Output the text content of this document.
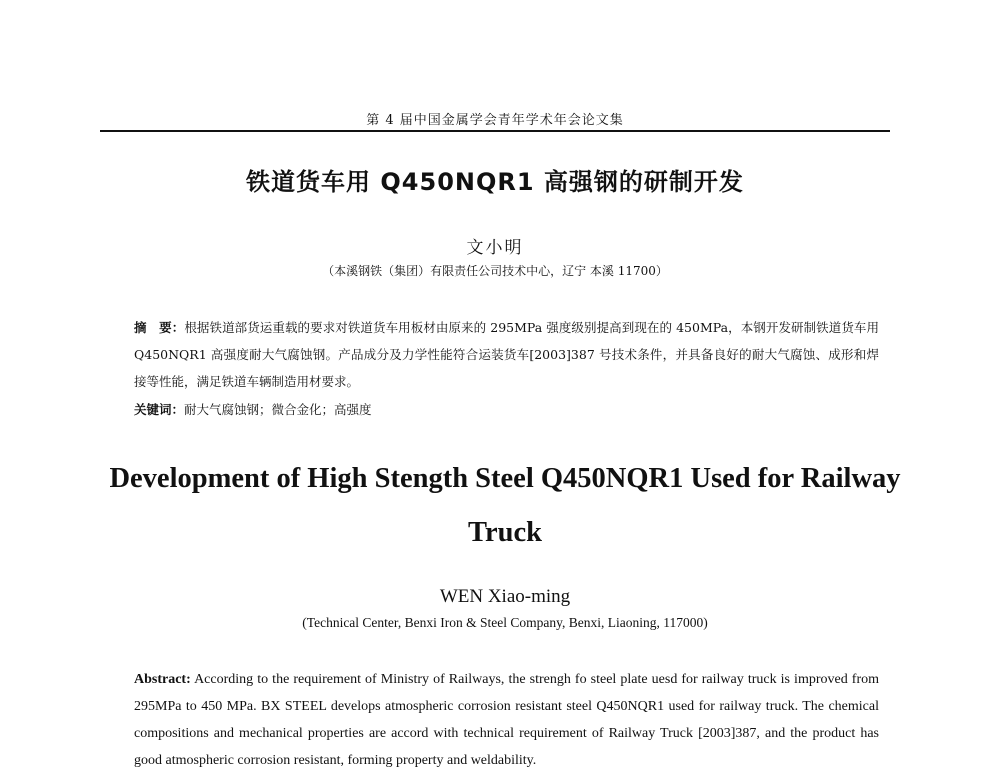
第 4 届中国金属学会青年学术年会论文集
铁道货车用 Q450NQR1 高强钢的研制开发
文小明
（本溪钢铁（集团）有限责任公司技术中心，辽宁 本溪 11700）
摘　要：根据铁道部货运重载的要求对铁道货车用板材由原来的 295MPa 强度级别提高到现在的 450MPa，本钢开发研制铁道货车用 Q450NQR1 高强度耐大气腐蚀钢。产品成分及力学性能符合运装货车[2003]387 号技术条件，并具备良好的耐大气腐蚀、成形和焊接等性能，满足铁道车辆制造用材要求。
关键词：耐大气腐蚀钢；微合金化；高强度
Development of High Stength Steel Q450NQR1 Used for Railway Truck
WEN Xiao-ming
(Technical Center, Benxi Iron & Steel Company, Benxi, Liaoning, 117000)
Abstract: According to the requirement of Ministry of Railways, the strengh fo steel plate uesd for railway truck is improved from 295MPa to 450 MPa. BX STEEL develops atmospheric corrosion resistant steel Q450NQR1 used for railway truck. The chemical compositions and mechanical properties are accord with technical requirement of Railway Truck [2003]387, and the product has good atmospheric corrosion resistant, forming property and weldability.
